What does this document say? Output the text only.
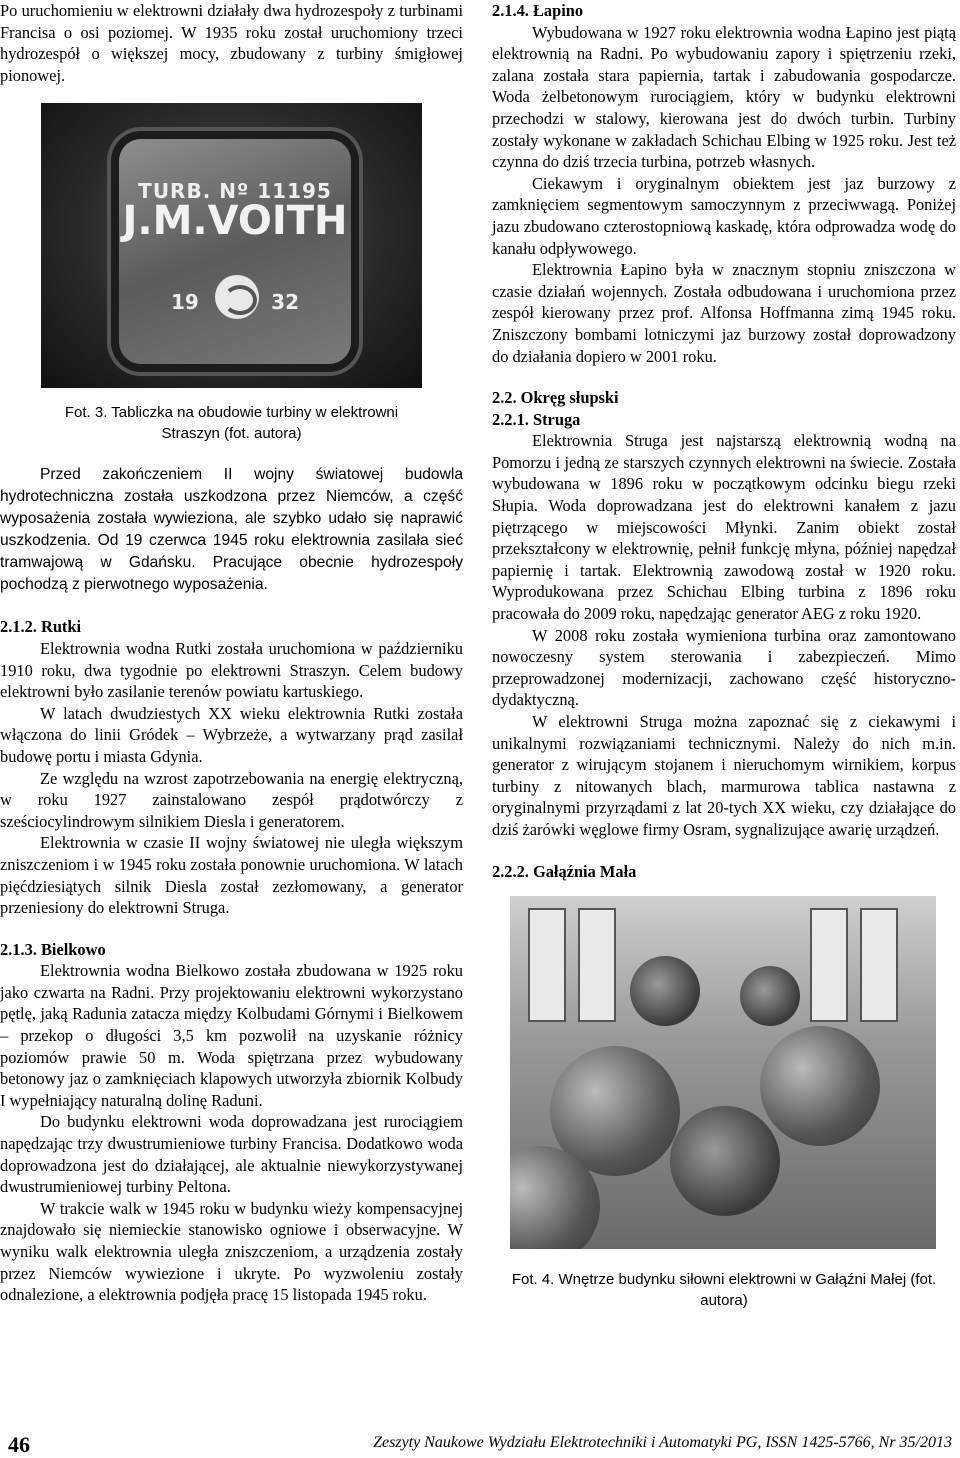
Po uruchomieniu w elektrowni działały dwa hydrozespoły z turbinami Francisa o osi poziomej. W 1935 roku został uruchomiony trzeci hydrozespół o większej mocy, zbudowany z turbiny śmigłowej pionowej.

TURB. Nº 11195
J.M.VOITH
19	32

Fot. 3. Tabliczka na obudowie turbiny w elektrowni Straszyn (fot. autora)

Przed zakończeniem II wojny światowej budowla hydrotechniczna została uszkodzona przez Niemców, a część wyposażenia została wywieziona, ale szybko udało się naprawić uszkodzenia. Od 19 czerwca 1945 roku elektrownia zasilała sieć tramwajową w Gdańsku. Pracujące obecnie hydrozespoły pochodzą z pierwotnego wyposażenia.

2.1.2. Rutki

Elektrownia wodna Rutki została uruchomiona w październiku 1910 roku, dwa tygodnie po elektrowni Straszyn. Celem budowy elektrowni było zasilanie terenów powiatu kartuskiego.

W latach dwudziestych XX wieku elektrownia Rutki została włączona do linii Gródek – Wybrzeże, a wytwarzany prąd zasilał budowę portu i miasta Gdynia.

Ze względu na wzrost zapotrzebowania na energię elektryczną, w roku 1927 zainstalowano zespół prądotwórczy z sześciocylindrowym silnikiem Diesla i generatorem.

Elektrownia w czasie II wojny światowej nie uległa większym zniszczeniom i w 1945 roku została ponownie uruchomiona. W latach pięćdziesiątych silnik Diesla został zezłomowany, a generator przeniesiony do elektrowni Struga.

2.1.3. Bielkowo

Elektrownia wodna Bielkowo została zbudowana w 1925 roku jako czwarta na Radni. Przy projektowaniu elektrowni wykorzystano pętlę, jaką Radunia zatacza między Kolbudami Górnymi i Bielkowem – przekop o długości 3,5 km pozwolił na uzyskanie różnicy poziomów prawie 50 m. Woda spiętrzana przez wybudowany betonowy jaz o zamknięciach klapowych utworzyła zbiornik Kolbudy I wypełniający naturalną dolinę Raduni.

Do budynku elektrowni woda doprowadzana jest rurociągiem napędzając trzy dwustrumieniowe turbiny Francisa. Dodatkowo woda doprowadzona jest do działającej, ale aktualnie niewykorzystywanej dwustrumieniowej turbiny Peltona.

W trakcie walk w 1945 roku w budynku wieży kompensacyjnej znajdowało się niemieckie stanowisko ogniowe i obserwacyjne. W wyniku walk elektrownia uległa zniszczeniom, a urządzenia zostały przez Niemców wywiezione i ukryte. Po wyzwoleniu zostały odnalezione, a elektrownia podjęła pracę 15 listopada 1945 roku.

2.1.4. Łapino

Wybudowana w 1927 roku elektrownia wodna Łapino jest piątą elektrownią na Radni. Po wybudowaniu zapory i spiętrzeniu rzeki, zalana została stara papiernia, tartak i zabudowania gospodarcze. Woda żelbetonowym rurociągiem, który w budynku elektrowni przechodzi w stalowy, kierowana jest do dwóch turbin. Turbiny zostały wykonane w zakładach Schichau Elbing w 1925 roku. Jest też czynna do dziś trzecia turbina, potrzeb własnych.

Ciekawym i oryginalnym obiektem jest jaz burzowy z zamknięciem segmentowym samoczynnym z przeciwwagą. Poniżej jazu zbudowano czterostopniową kaskadę, która odprowadza wodę do kanału odpływowego.

Elektrownia Łapino była w znacznym stopniu zniszczona w czasie działań wojennych. Została odbudowana i uruchomiona przez zespół kierowany przez prof. Alfonsa Hoffmanna zimą 1945 roku. Zniszczony bombami lotniczymi jaz burzowy został doprowadzony do działania dopiero w 2001 roku.

2.2. Okręg słupski

2.2.1. Struga

Elektrownia Struga jest najstarszą elektrownią wodną na Pomorzu i jedną ze starszych czynnych elektrowni na świecie. Została wybudowana w 1896 roku w początkowym odcinku biegu rzeki Słupia. Woda doprowadzana jest do elektrowni kanałem z jazu piętrzącego w miejscowości Młynki. Zanim obiekt został przekształcony w elektrownię, pełnił funkcję młyna, później napędzał papiernię i tartak. Elektrownią zawodową został w 1920 roku. Wyprodukowana przez Schichau Elbing turbina z 1896 roku pracowała do 2009 roku, napędzając generator AEG z roku 1920.

W 2008 roku została wymieniona turbina oraz zamontowano nowoczesny system sterowania i zabezpieczeń. Mimo przeprowadzonej modernizacji, zachowano część historyczno-dydaktyczną.

W elektrowni Struga można zapoznać się z ciekawymi i unikalnymi rozwiązaniami technicznymi. Należy do nich m.in. generator z wirującym stojanem i nieruchomym wirnikiem, korpus turbiny z nitowanych blach, marmurowa tablica nastawna z oryginalnymi przyrządami z lat 20-tych XX wieku, czy działające do dziś żarówki węglowe firmy Osram, sygnalizujące awarię urządzeń.

2.2.2. Gałąźnia Mała

Fot. 4. Wnętrze budynku siłowni elektrowni w Gałąźni Małej (fot. autora)

46	Zeszyty Naukowe Wydziału Elektrotechniki i Automatyki PG, ISSN 1425-5766, Nr 35/2013
